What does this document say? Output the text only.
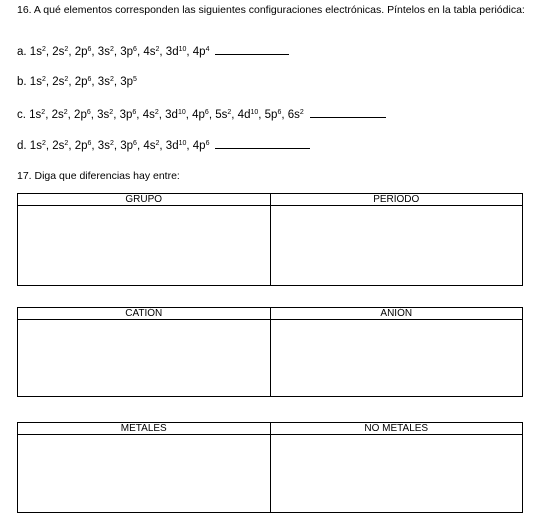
16. A qué elementos corresponden las siguientes configuraciones electrónicas. Píntelos en la tabla periódica:
a. $1s^2$, $2s^2$, $2p^6$, $3s^2$, $3p^6$, $4s^2$, $3d^{10}$, $4p^4$
b. $1s^2$, $2s^2$, $2p^6$, $3s^2$, $3p^5$
c. $1s^2$, $2s^2$, $2p^6$, $3s^2$, $3p^6$, $4s^2$, $3d^{10}$, $4p^6$, $5s^2$, $4d^{10}$, $5p^6$, $6s^2$
d. $1s^2$, $2s^2$, $2p^6$, $3s^2$, $3p^6$, $4s^2$, $3d^{10}$, $4p^6$
17. Diga que diferencias hay entre:
GRUPO	PERÍODO

CATIÓN	ANIÓN

METALES	NO METALES
